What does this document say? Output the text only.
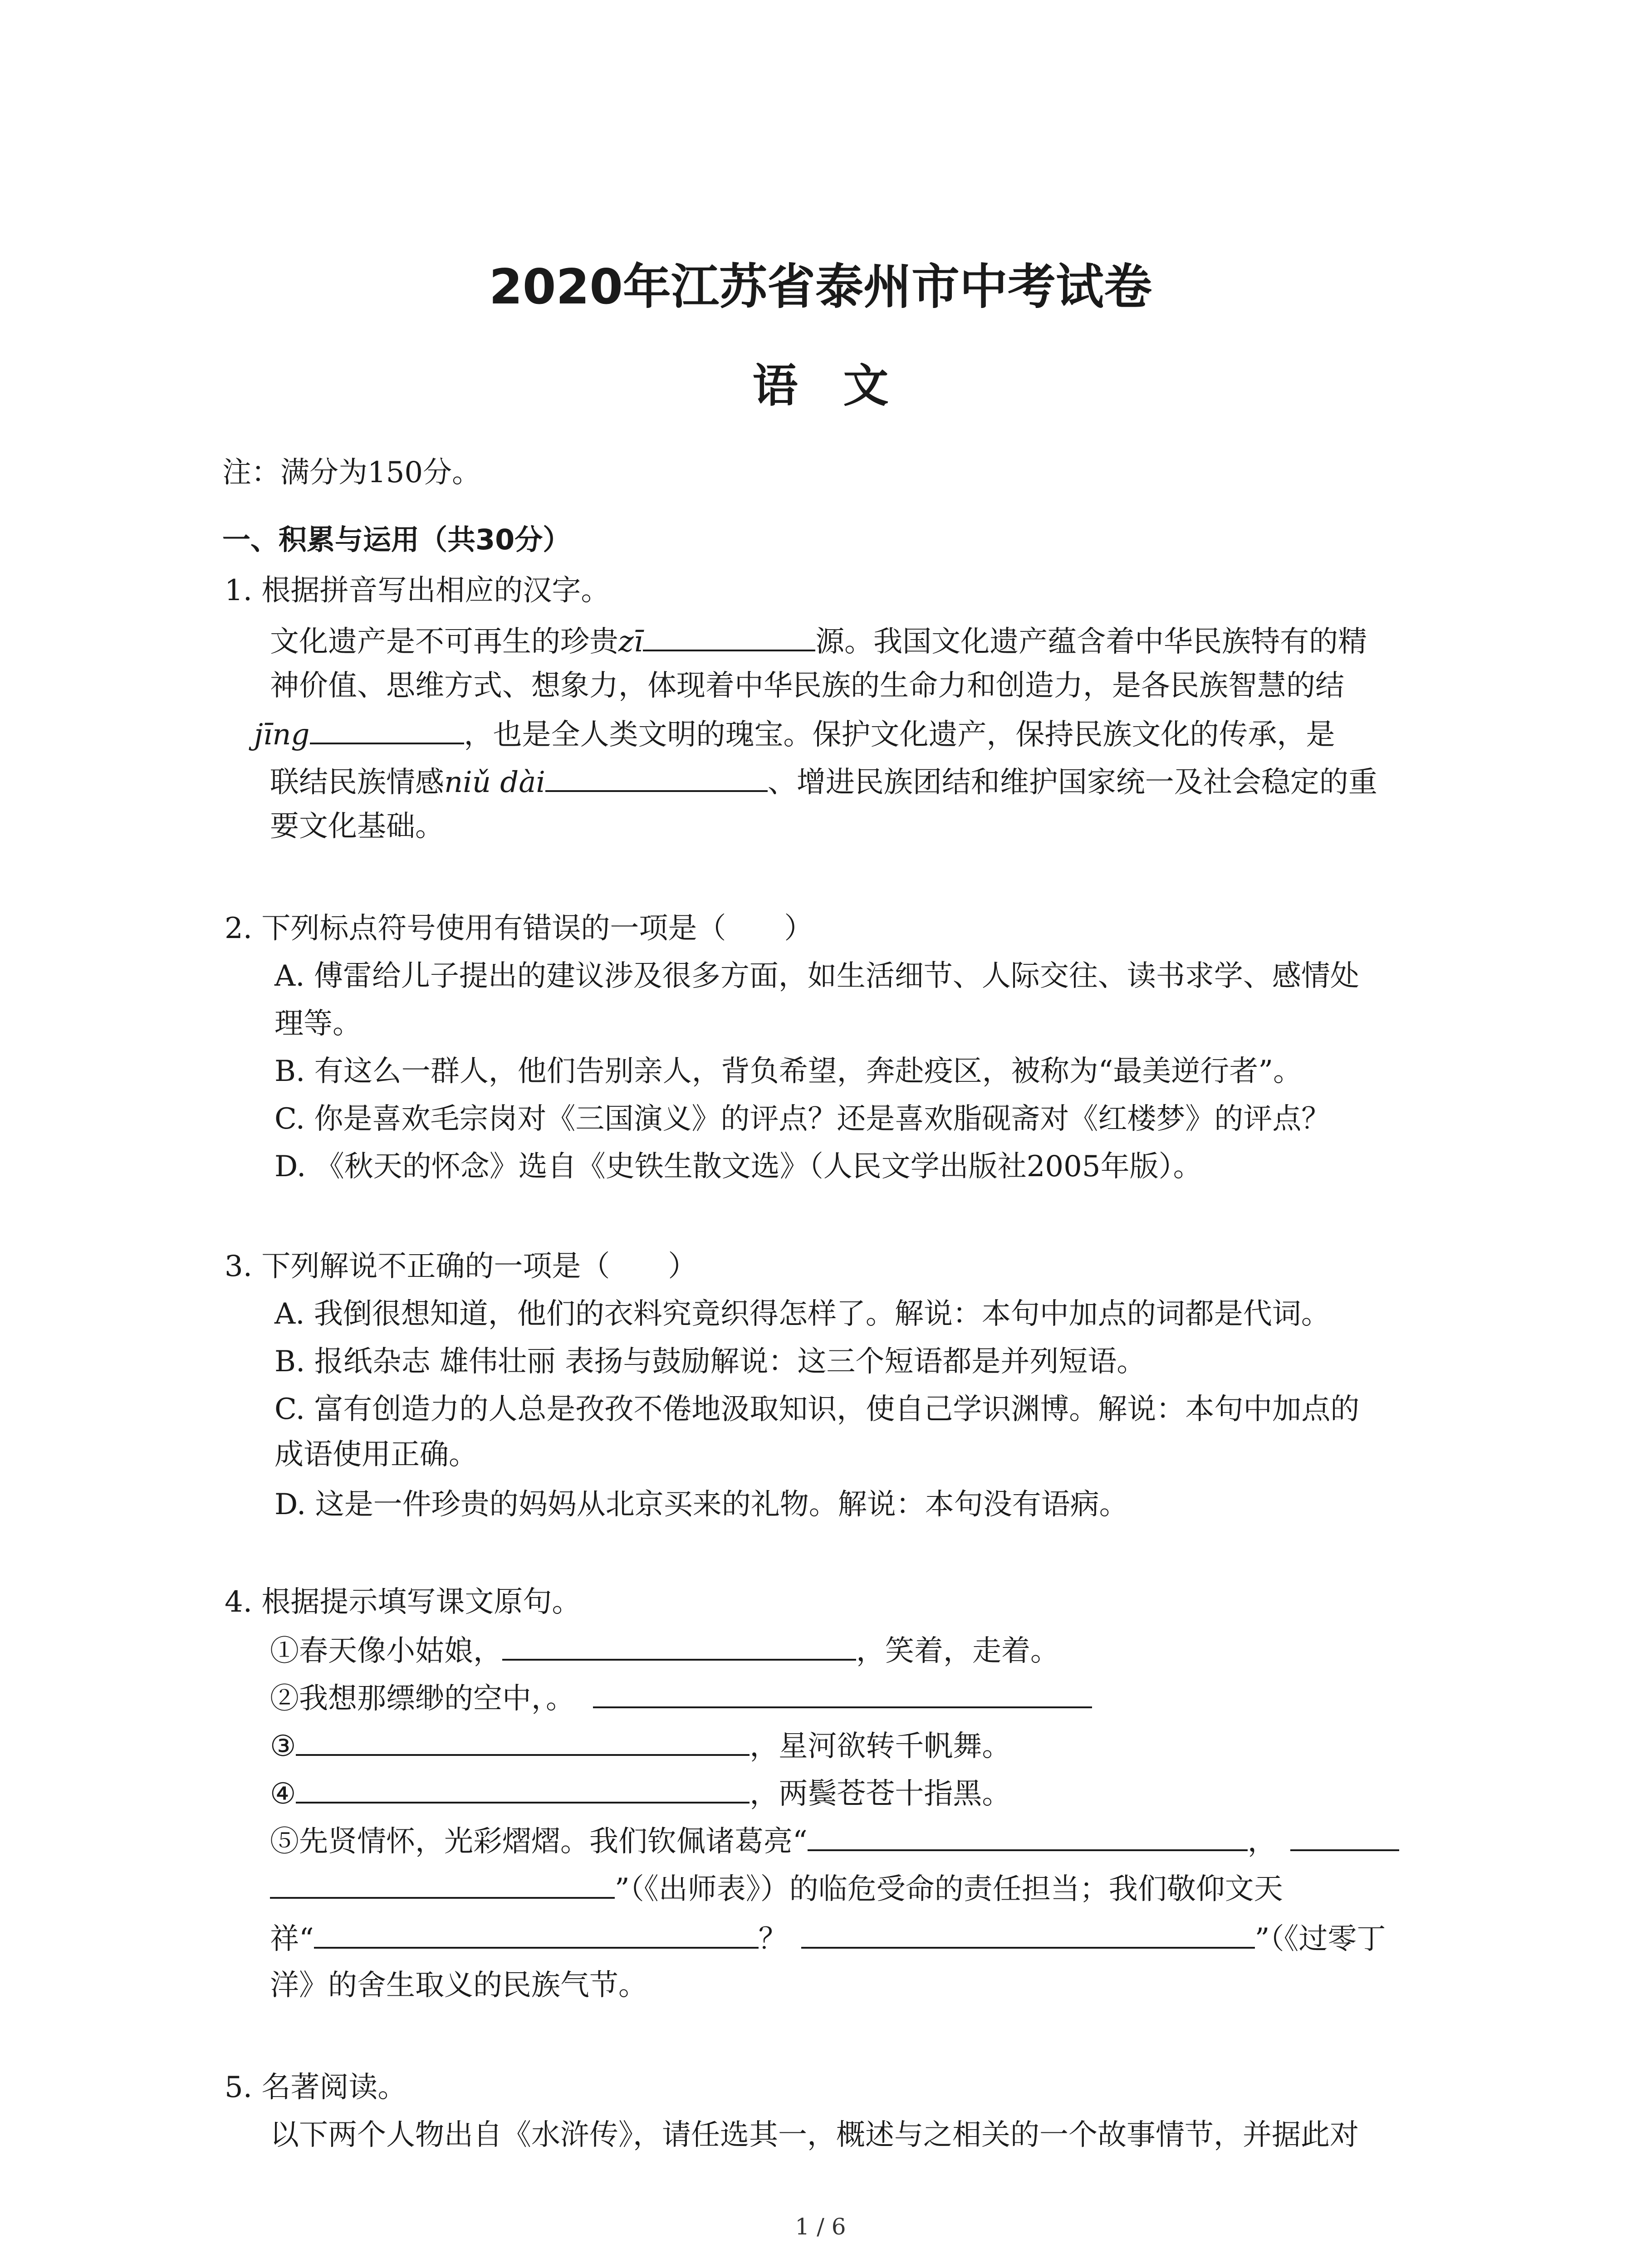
2020年江苏省泰州市中考试卷
语文
注：满分为150分。
一、积累与运用（共30分）
1. 根据拼音写出相应的汉字。
文化遗产是不可再生的珍贵zī	源。我国文化遗产蕴含着中华民族特有的精
神价值、思维方式、想象力，体现着中华民族的生命力和创造力，是各民族智慧的结
jīng	，也是全人类文明的瑰宝。保护文化遗产，保持民族文化的传承，是
联结民族情感niǔ dài	、增进民族团结和维护国家统一及社会稳定的重
要文化基础。
2. 下列标点符号使用有错误的一项是（　　）
A. 傅雷给儿子提出的建议涉及很多方面，如生活细节、人际交往、读书求学、感情处
理等。
B. 有这么一群人，他们告别亲人，背负希望，奔赴疫区，被称为“最美逆行者”。
C. 你是喜欢毛宗岗对《三国演义》的评点？还是喜欢脂砚斋对《红楼梦》的评点？
D. 《秋天的怀念》选自《史铁生散文选》（人民文学出版社2005年版）。
3. 下列解说不正确的一项是（　　）
A. 我倒很想知道，他们的衣料究竟织得怎样了。解说：本句中加点的词都是代词。
B. 报纸杂志 雄伟壮丽 表扬与鼓励解说：这三个短语都是并列短语。
C. 富有创造力的人总是孜孜不倦地汲取知识，使自己学识渊博。解说：本句中加点的
成语使用正确。
D. 这是一件珍贵的妈妈从北京买来的礼物。解说：本句没有语病。
4. 根据提示填写课文原句。
①春天像小姑娘，	，笑着，走着。
②我想那缥缈的空中，。
③	，星河欲转千帆舞。
④	，两鬓苍苍十指黑。
⑤先贤情怀，光彩熠熠。我们钦佩诸葛亮“	，
”（《出师表》）的临危受命的责任担当；我们敬仰文天
祥“	？	”（《过零丁
洋》的舍生取义的民族气节。
5. 名著阅读。
以下两个人物出自《水浒传》，请任选其一，概述与之相关的一个故事情节，并据此对
1 / 6
